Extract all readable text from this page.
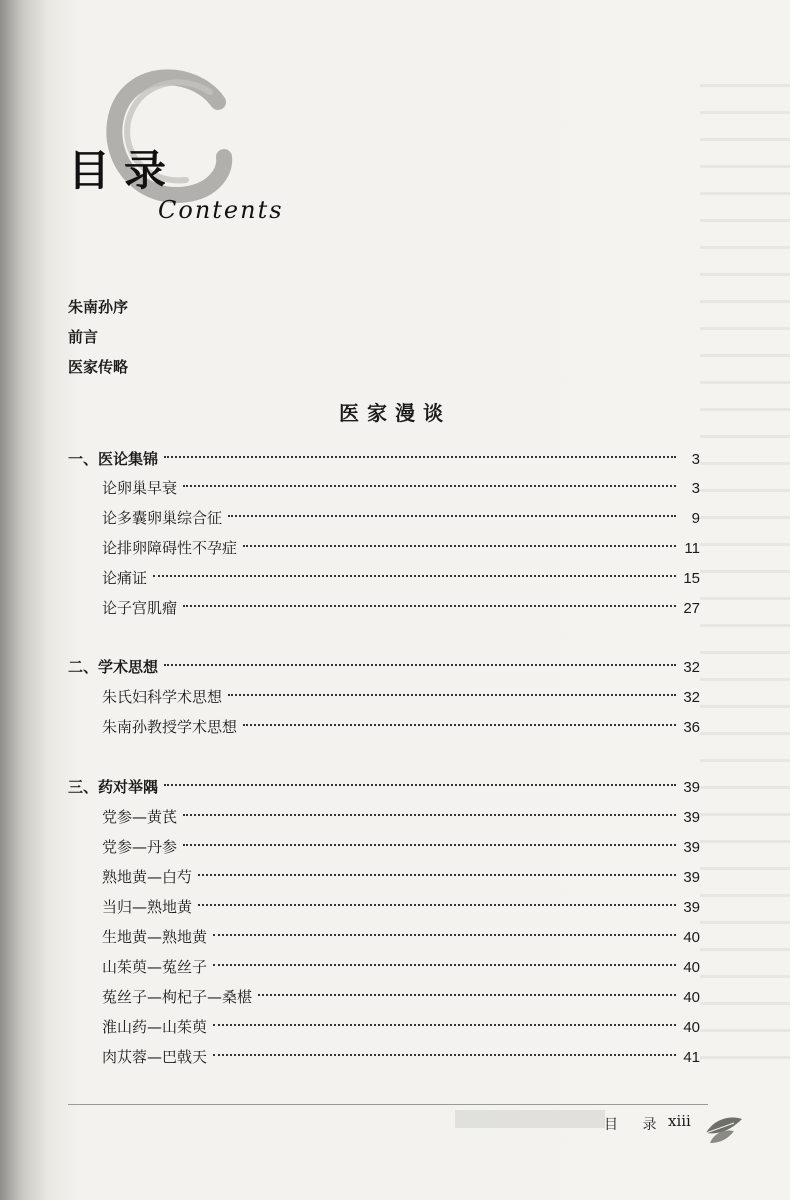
目录
Contents
朱南孙序
前言
医家传略
医家漫谈
一、医论集锦	3
论卵巢早衰	3
论多囊卵巢综合征	9
论排卵障碍性不孕症	11
论痛证	15
论子宫肌瘤	27
二、学术思想	32
朱氏妇科学术思想	32
朱南孙教授学术思想	36
三、药对举隅	39
党参—黄芪	39
党参—丹参	39
熟地黄—白芍	39
当归—熟地黄	39
生地黄—熟地黄	40
山茱萸—菟丝子	40
菟丝子—枸杞子—桑椹	40
淮山药—山茱萸	40
肉苁蓉—巴戟天	41
目 录 xiii
